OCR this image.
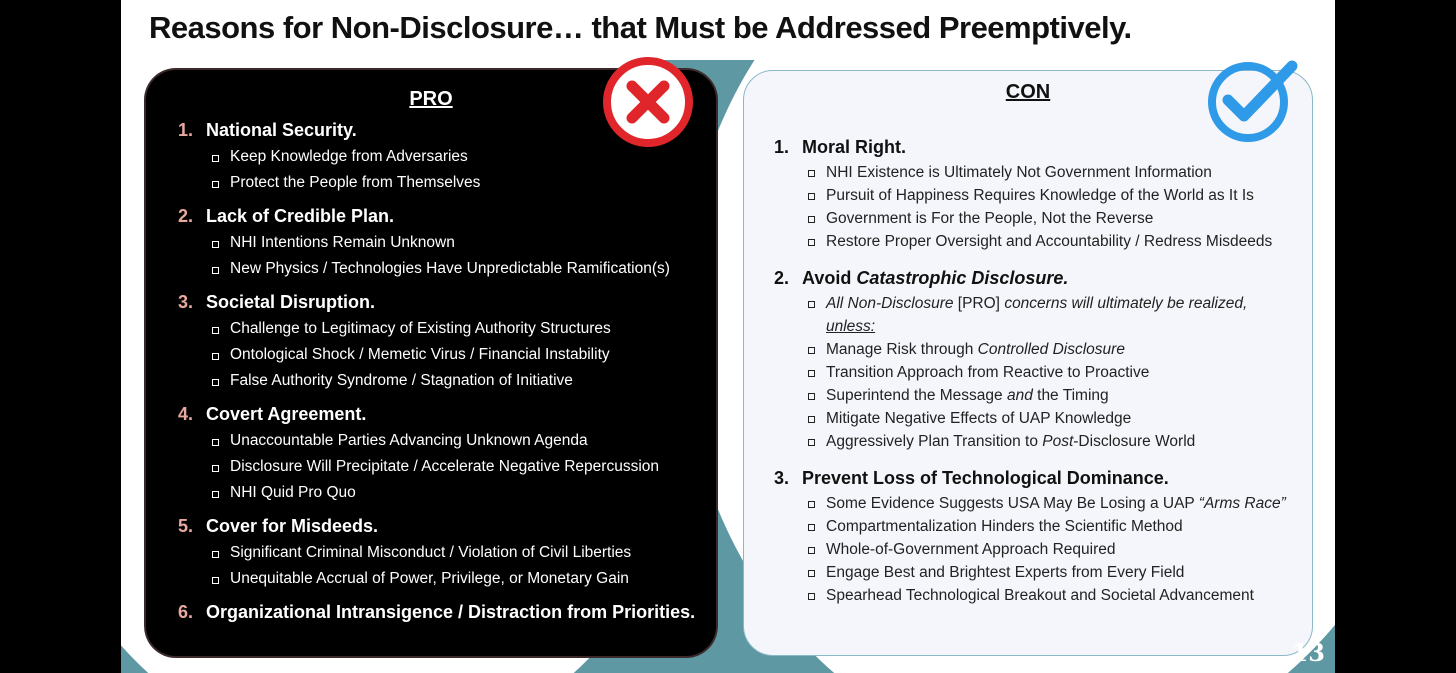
Reasons for Non-Disclosure… that Must be Addressed Preemptively.
PRO
1. National Security.
Keep Knowledge from Adversaries
Protect the People from Themselves
2. Lack of Credible Plan.
NHI Intentions Remain Unknown
New Physics / Technologies Have Unpredictable Ramification(s)
3. Societal Disruption.
Challenge to Legitimacy of Existing Authority Structures
Ontological Shock / Memetic Virus / Financial Instability
False Authority Syndrome / Stagnation of Initiative
4. Covert Agreement.
Unaccountable Parties Advancing Unknown Agenda
Disclosure Will Precipitate / Accelerate Negative Repercussion
NHI Quid Pro Quo
5. Cover for Misdeeds.
Significant Criminal Misconduct / Violation of Civil Liberties
Unequitable Accrual of Power, Privilege, or Monetary Gain
6. Organizational Intransigence / Distraction from Priorities.
CON
1. Moral Right.
NHI Existence is Ultimately Not Government Information
Pursuit of Happiness Requires Knowledge of the World as It Is
Government is For the People, Not the Reverse
Restore Proper Oversight and Accountability / Redress Misdeeds
2. Avoid Catastrophic Disclosure.
All Non-Disclosure [PRO] concerns will ultimately be realized,
unless:
Manage Risk through Controlled Disclosure
Transition Approach from Reactive to Proactive
Superintend the Message and the Timing
Mitigate Negative Effects of UAP Knowledge
Aggressively Plan Transition to Post-Disclosure World
3. Prevent Loss of Technological Dominance.
Some Evidence Suggests USA May Be Losing a UAP “Arms Race”
Compartmentalization Hinders the Scientific Method
Whole-of-Government Approach Required
Engage Best and Brightest Experts from Every Field
Spearhead Technological Breakout and Societal Advancement
13
